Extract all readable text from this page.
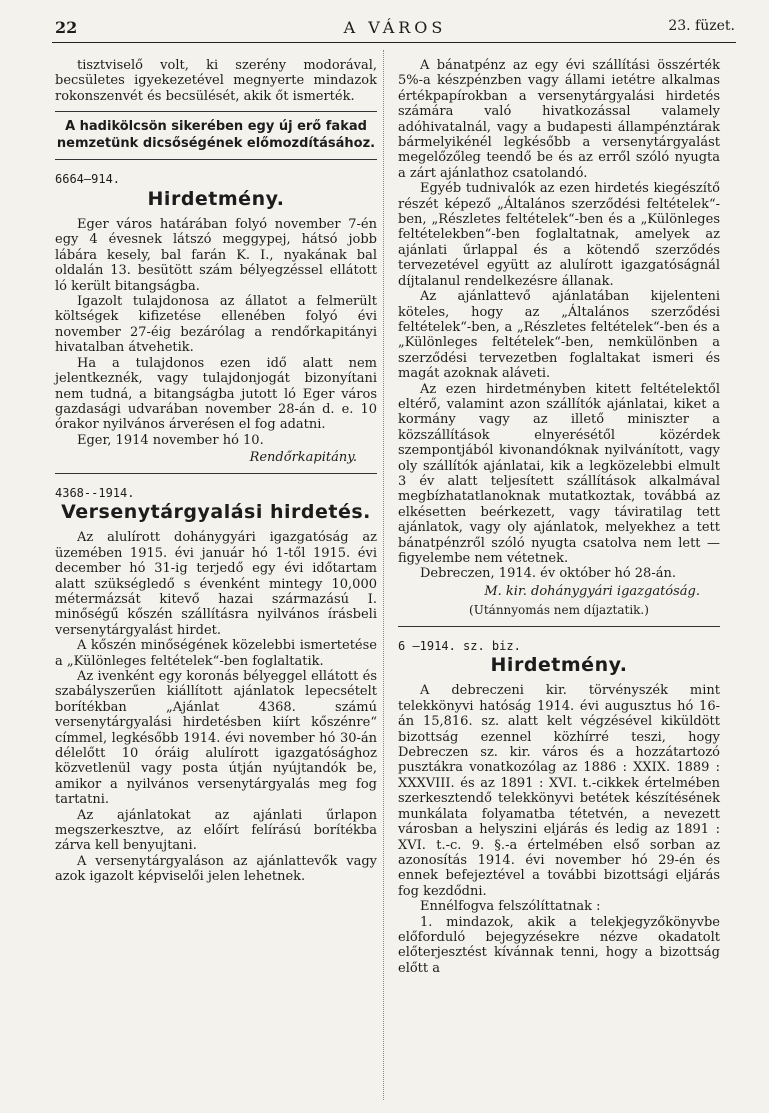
22	A VÁROS	23. füzet.

tisztviselő volt, ki szerény modorával, becsületes igyekezetével megnyerte mindazok rokonszenvét és becsülését, akik őt ismerték.

A hadikölcsön sikerében egy új erő fakad nemzetünk dicsőségének előmozdításához.

6664—914.
Hirdetmény.

Eger város határában folyó november 7-én egy 4 évesnek látszó meggypej, hátsó jobb lábára kesely, bal farán K. I., nyakának bal oldalán 13. besütött szám bélyegzéssel ellátott ló került bitangságba.

Igazolt tulajdonosa az állatot a felmerült költségek kifizetése ellenében folyó évi november 27-éig bezárólag a rendőrkapitányi hivatalban átvehetik.

Ha a tulajdonos ezen idő alatt nem jelentkeznék, vagy tulajdonjogát bizonyítani nem tudná, a bitangságba jutott ló Eger város gazdasági udvarában november 28-án d. e. 10 órakor nyilvános árverésen el fog adatni.

Eger, 1914 november hó 10.

Rendőrkapitány.
4368--1914.
Versenytárgyalási hirdetés.

Az alulírott dohánygyári igazgatóság az üzemében 1915. évi január hó 1-től 1915. évi december hó 31-ig terjedő egy évi időtartam alatt szükségledő s évenként mintegy 10,000 métermázsát kitevő hazai származású I. minőségű kőszén szállításra nyilvános írásbeli versenytárgyalást hirdet.

A kőszén minőségének közelebbi ismertetése a „Különleges feltételek“-ben foglaltatik.

Az ivenként egy koronás bélyeggel ellátott és szabályszerűen kiállított ajánlatok lepecsételt borítékban „Ajánlat 4368. számú versenytárgyalási hirdetésben kiírt kőszénre“ címmel, legkésőbb 1914. évi november hó 30-án délelőtt 10 óráig alulírott igazgatósághoz közvetlenül vagy posta útján nyújtandók be, amikor a nyilvános versenytárgyalás meg fog tartatni.

Az ajánlatokat az ajánlati űrlapon megszerkesztve, az előírt felírású borítékba zárva kell benyujtani.

A versenytárgyaláson az ajánlattevők vagy azok igazolt képviselői jelen lehetnek.

A bánatpénz az egy évi szállítási összérték 5%-a készpénzben vagy állami ietétre alkalmas értékpapírokban a versenytárgyalási hirdetés számára való hivatkozással valamely adóhivatalnál, vagy a budapesti állampénztárak bármelyikénél legkésőbb a versenytárgyalást megelőzőleg teendő be és az erről szóló nyugta a zárt ajánlathoz csatolandó.

Egyéb tudnivalók az ezen hirdetés kiegészítő részét képező „Általános szerződési feltételek“-ben, „Részletes feltételek“-ben és a „Különleges feltételekben“-ben foglaltatnak, amelyek az ajánlati űrlappal és a kötendő szerződés tervezetével együtt az alulírott igazgatóságnál díjtalanul rendelkezésre állanak.

Az ajánlattevő ajánlatában kijelenteni köteles, hogy az „Általános szerződési feltételek“-ben, a „Részletes feltételek“-ben és a „Különleges feltételek“-ben, nemkülönben a szerződési tervezetben foglaltakat ismeri és magát azoknak aláveti.

Az ezen hirdetményben kitett feltételektől eltérő, valamint azon szállítók ajánlatai, kiket a kormány vagy az illető miniszter a közszállítások elnyerésétől közérdek szempontjából kivonandóknak nyilvánított, vagy oly szállítók ajánlatai, kik a legközelebbi elmult 3 év alatt teljesített szállítások alkalmával megbízhatatlanoknak mutatkoztak, továbbá az elkésetten beérkezett, vagy táviratilag tett ajánlatok, vagy oly ajánlatok, melyekhez a tett bánatpénzről szóló nyugta csatolva nem lett — figyelembe nem vétetnek.

Debreczen, 1914. év október hó 28-án.

M. kir. dohánygyári igazgatóság.
(Utánnyomás nem díjaztatik.)
6 —1914. sz. biz.
Hirdetmény.

A debreczeni kir. törvényszék mint telekkönyvi hatóság 1914. évi augusztus hó 16-án 15,816. sz. alatt kelt végzésével kiküldött bizottság ezennel közhírré teszi, hogy Debreczen sz. kir. város és a hozzátartozó pusztákra vonatkozólag az 1886 : XXIX. 1889 : XXXVIII. és az 1891 : XVI. t.-cikkek értelmében szerkesztendő telekkönyvi betétek készítésének munkálata folyamatba tétetvén, a nevezett városban a helyszini eljárás és ledig az 1891 : XVI. t.-c. 9. §.-a értelmében első sorban az azonosítás 1914. évi november hó 29-én és ennek befejeztével a további bizottsági eljárás fog kezdődni.

Ennélfogva felszólíttatnak :

1. mindazok, akik a telekjegyzőkönyvbe előforduló bejegyzésekre nézve okadatolt előterjesztést kívánnak tenni, hogy a bizottság előtt a
